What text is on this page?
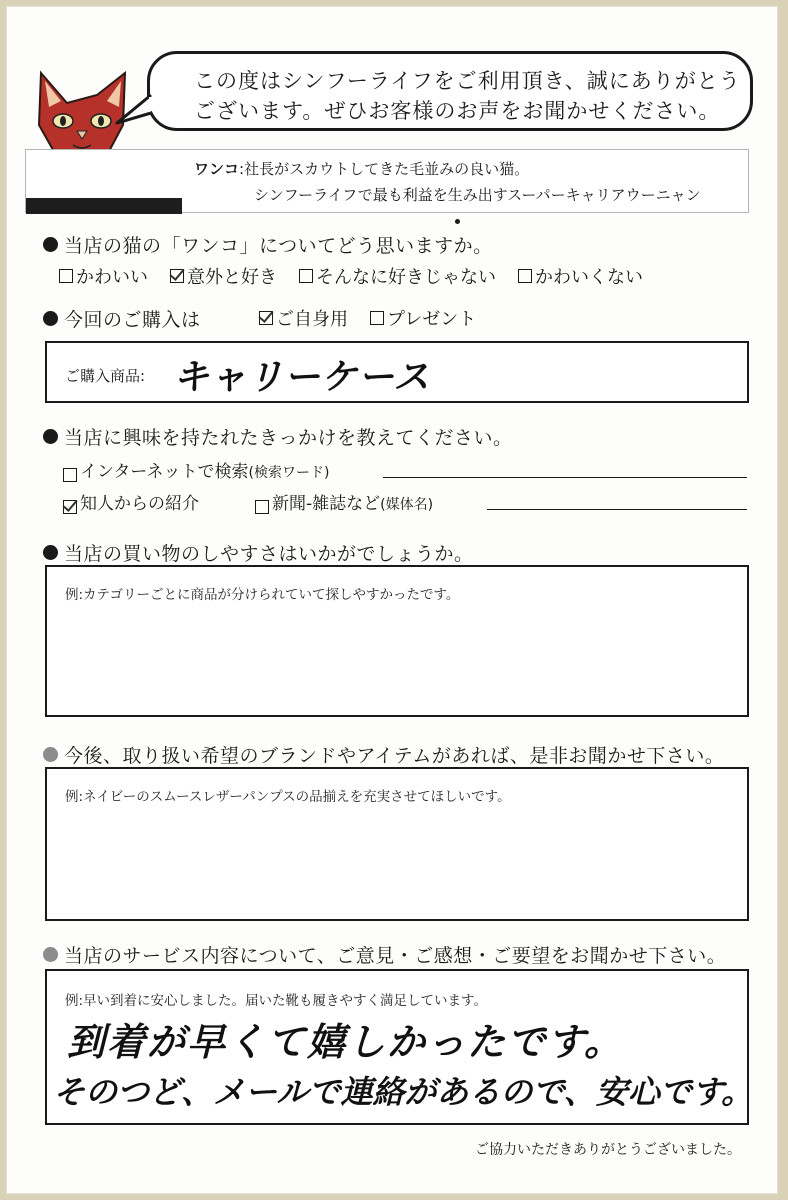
この度はシンフーライフをご利用頂き、誠にありがとう
ございます。ぜひお客様のお声をお聞かせください。
ワンコ:社長がスカウトしてきた毛並みの良い猫。
シンフーライフで最も利益を生み出すスーパーキャリアウーニャン
当店の猫の「ワンコ」についてどう思いますか。
かわいい 意外と好き そんなに好きじゃない かわいくない
今回のご購入は	ご自身用 プレゼント
ご購入商品: キャリーケース
当店に興味を持たれたきっかけを教えてください。
インターネットで検索 (検索ワード)
知人からの紹介	新聞-雑誌など (媒体名)
当店の買い物のしやすさはいかがでしょうか。
例:カテゴリーごとに商品が分けられていて探しやすかったです。
今後、取り扱い希望のブランドやアイテムがあれば、是非お聞かせ下さい。
例:ネイビーのスムースレザーパンプスの品揃えを充実させてほしいです。
当店のサービス内容について、ご意見・ご感想・ご要望をお聞かせ下さい。
例:早い到着に安心しました。届いた靴も履きやすく満足しています。
到着が早くて嬉しかったです。
そのつど、メールで連絡があるので、安心です。
ご協力いただきありがとうございました。
